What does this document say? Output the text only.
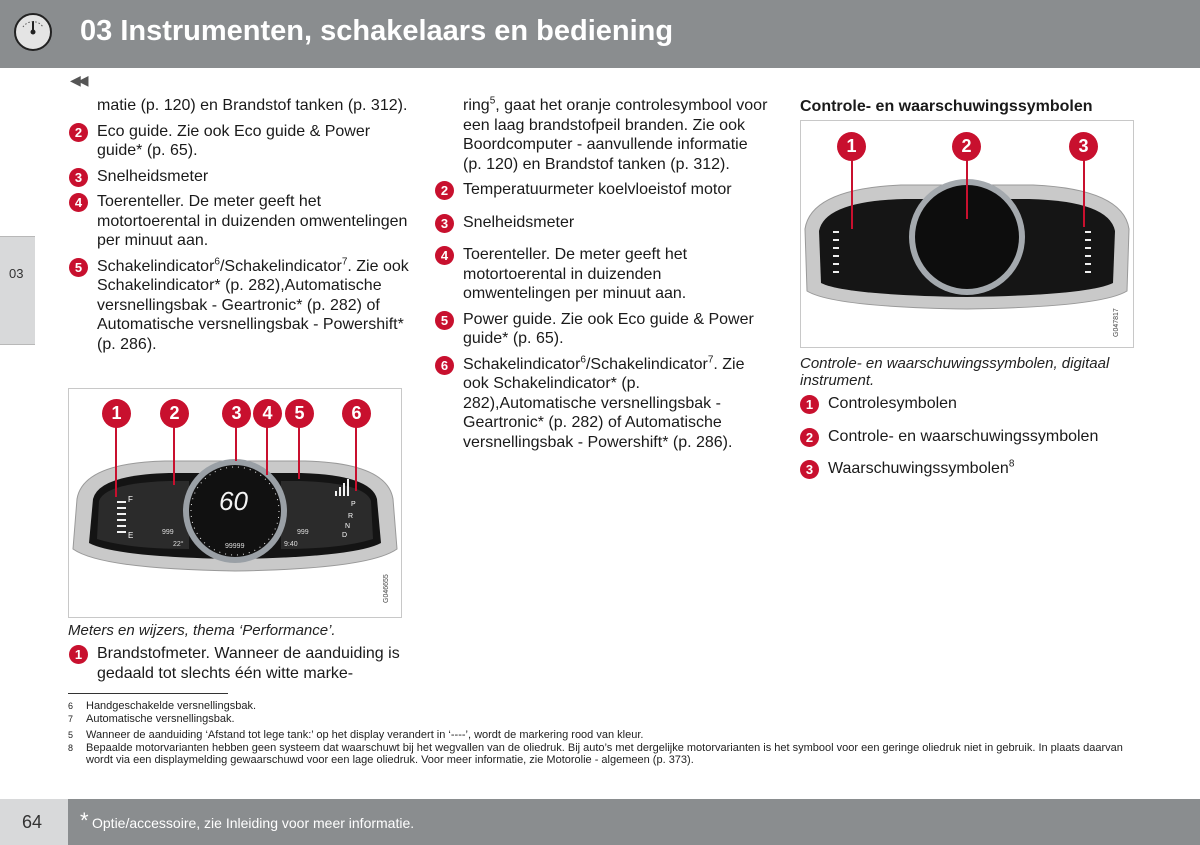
03 Instrumenten, schakelaars en bediening
◀◀
03

matie (p. 120) en Brandstof tanken (p. 312).

2 Eco guide. Zie ook Eco guide & Power guide* (p. 65).

3 Snelheidsmeter

4 Toerenteller. De meter geeft het motortoerental in duizenden omwentelingen per minuut aan.

5 Schakelindicator$^6$/Schakelindicator$^7$. Zie ook Schakelindicator* (p. 282),Automatische versnellingsbak - Geartronic* (p. 282) of Automatische versnellingsbak - Powershift* (p. 286).

1	2	3	4	5	6
F
E
60
999
22°	99999
999
9:40
P
R
N
D
G046655
Meters en wijzers, thema ‘Performance’.
1 Brandstofmeter. Wanneer de aanduiding is gedaald tot slechts één witte marke-

ring$^5$, gaat het oranje controlesymbool voor een laag brandstofpeil branden. Zie ook Boordcomputer - aanvullende informatie (p. 120) en Brandstof tanken (p. 312).

2 Temperatuurmeter koelvloeistof motor

3 Snelheidsmeter

4 Toerenteller. De meter geeft het motortoerental in duizenden omwentelingen per minuut aan.

5 Power guide. Zie ook Eco guide & Power guide* (p. 65).

6 Schakelindicator$^6$/Schakelindicator$^7$. Zie ook Schakelindicator* (p. 282),Automatische versnellingsbak - Geartronic* (p. 282) of Automatische versnellingsbak - Powershift* (p. 286).

Controle- en waarschuwingssymbolen
1	2	3
G047817
Controle- en waarschuwingssymbolen, digitaal instrument.
1 Controlesymbolen

2 Controle- en waarschuwingssymbolen

3 Waarschuwingssymbolen$^8$

6 Handgeschakelde versnellingsbak.
7 Automatische versnellingsbak.
5 Wanneer de aanduiding ‘Afstand tot lege tank:’ op het display verandert in ‘----’, wordt de markering rood van kleur.
8 Bepaalde motorvarianten hebben geen systeem dat waarschuwt bij het wegvallen van de oliedruk. Bij auto’s met dergelijke motorvarianten is het symbool voor een geringe oliedruk niet in gebruik. In plaats daarvan wordt via een displaymelding gewaarschuwd voor een lage oliedruk. Voor meer informatie, zie Motorolie - algemeen (p. 373).
64 * Optie/accessoire, zie Inleiding voor meer informatie.
